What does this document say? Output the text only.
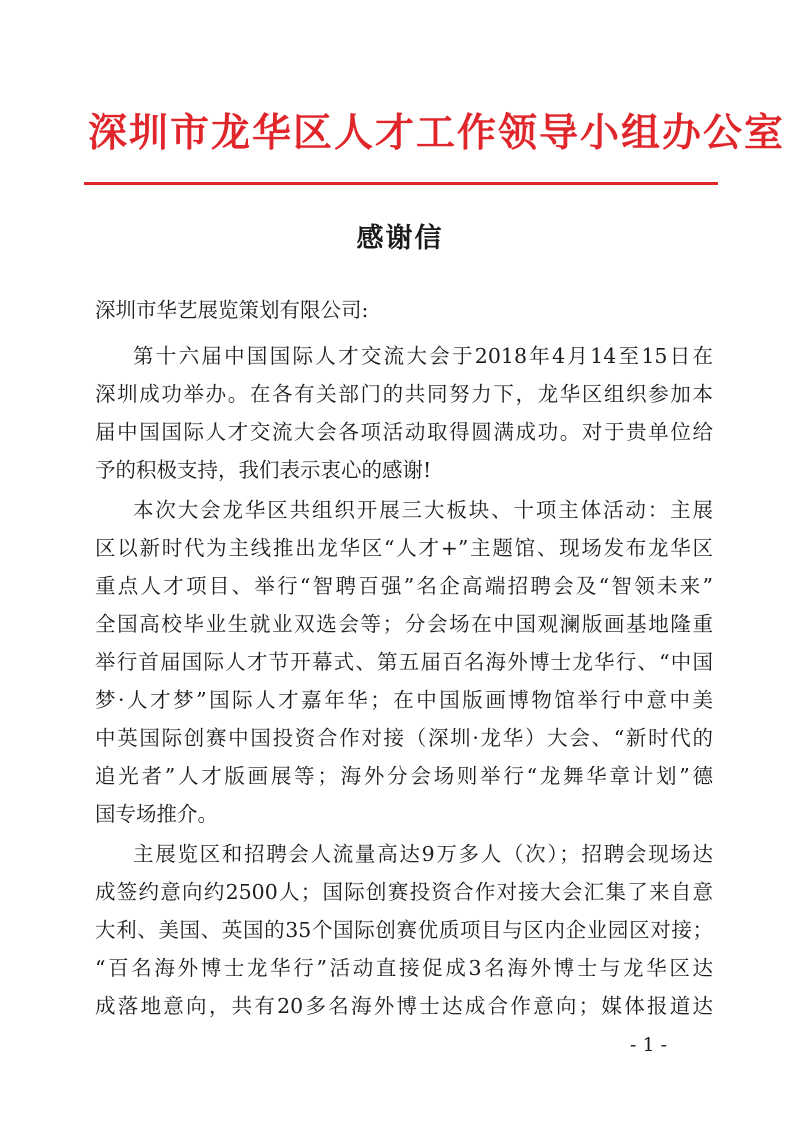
深圳市龙华区人才工作领导小组办公室
感谢信
深圳市华艺展览策划有限公司:
第十六届中国国际人才交流大会于2018年4月14至15日在
深圳成功举办。在各有关部门的共同努力下，龙华区组织参加本
届中国国际人才交流大会各项活动取得圆满成功。对于贵单位给
予的积极支持，我们表示衷心的感谢!
本次大会龙华区共组织开展三大板块、十项主体活动：主展
区以新时代为主线推出龙华区“人才+”主题馆、现场发布龙华区
重点人才项目、举行“智聘百强”名企高端招聘会及“智领未来”
全国高校毕业生就业双选会等；分会场在中国观澜版画基地隆重
举行首届国际人才节开幕式、第五届百名海外博士龙华行、“中国
梦·人才梦”国际人才嘉年华；在中国版画博物馆举行中意中美
中英国际创赛中国投资合作对接（深圳·龙华）大会、“新时代的
追光者”人才版画展等；海外分会场则举行“龙舞华章计划”德
国专场推介。
主展览区和招聘会人流量高达9万多人（次）；招聘会现场达
成签约意向约2500人；国际创赛投资合作对接大会汇集了来自意
大利、美国、英国的35个国际创赛优质项目与区内企业园区对接；
“百名海外博士龙华行”活动直接促成3名海外博士与龙华区达
成落地意向，共有20多名海外博士达成合作意向；媒体报道达
- 1 -
